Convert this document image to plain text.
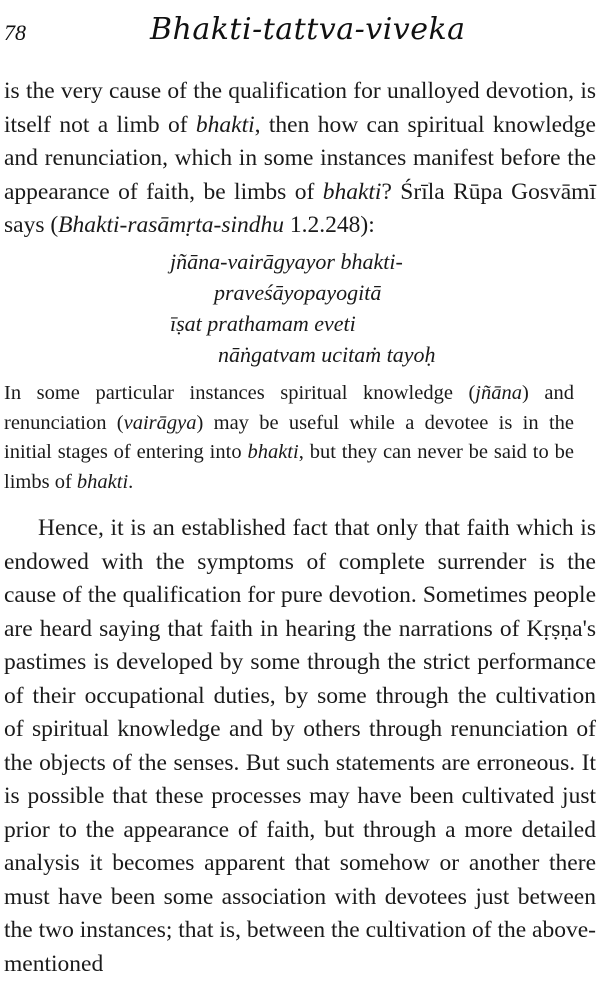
78	Bhakti-tattva-viveka

is the very cause of the qualification for unalloyed devotion, is itself not a limb of bhakti, then how can spiritual knowledge and renunciation, which in some instances manifest before the appearance of faith, be limbs of bhakti? Śrīla Rūpa Gosvāmī says (Bhakti-rasāmṛta-sindhu 1.2.248):

jñāna-vairāgyayor bhakti-
praveśāyopayogitā
īṣat prathamam eveti
nāṅgatvam ucitaṁ tayoḥ

In some particular instances spiritual knowledge (jñāna) and renunciation (vairāgya) may be useful while a devotee is in the initial stages of entering into bhakti, but they can never be said to be limbs of bhakti.

Hence, it is an established fact that only that faith which is endowed with the symptoms of complete surrender is the cause of the qualification for pure devotion. Sometimes people are heard saying that faith in hearing the narrations of Kṛṣṇa's pastimes is developed by some through the strict performance of their occupational duties, by some through the cultivation of spiritual knowledge and by others through renunciation of the objects of the senses. But such statements are erroneous. It is possible that these processes may have been cultivated just prior to the appearance of faith, but through a more detailed analysis it becomes apparent that somehow or another there must have been some association with devotees just between the two instances; that is, between the cultivation of the above-mentioned
